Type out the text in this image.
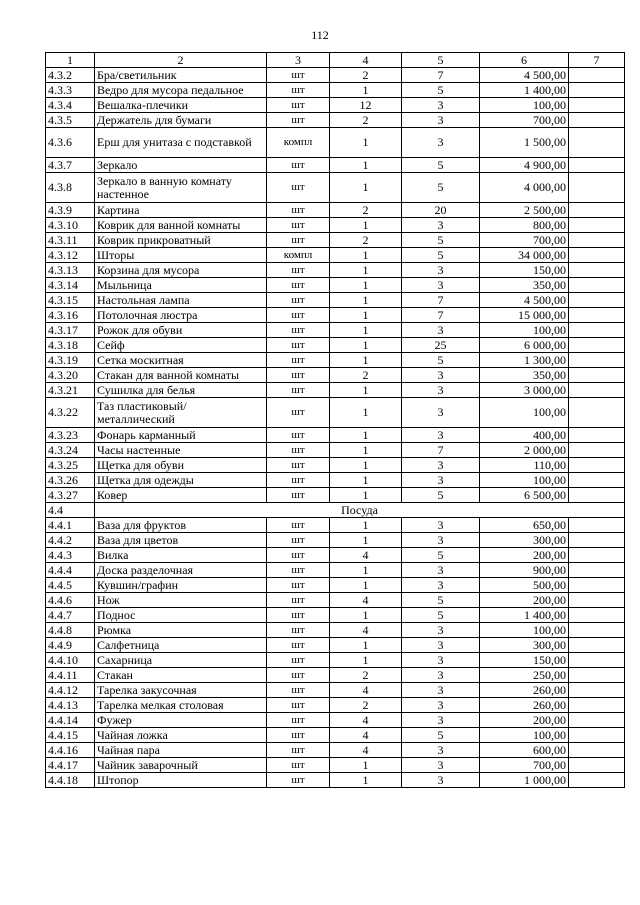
112
1	2	3	4	5	6	7
4.3.2	Бра/светильник	шт	2	7	4 500,00	
4.3.3	Ведро для мусора педальное	шт	1	5	1 400,00	
4.3.4	Вешалка-плечики	шт	12	3	100,00	
4.3.5	Держатель для бумаги	шт	2	3	700,00	
4.3.6	Ерш для унитаза с подставкой	компл	1	3	1 500,00	
4.3.7	Зеркало	шт	1	5	4 900,00	
4.3.8	Зеркало в ванную комнату настенное	шт	1	5	4 000,00	
4.3.9	Картина	шт	2	20	2 500,00	
4.3.10	Коврик для ванной комнаты	шт	1	3	800,00	
4.3.11	Коврик прикроватный	шт	2	5	700,00	
4.3.12	Шторы	компл	1	5	34 000,00	
4.3.13	Корзина для мусора	шт	1	3	150,00	
4.3.14	Мыльница	шт	1	3	350,00	
4.3.15	Настольная лампа	шт	1	7	4 500,00	
4.3.16	Потолочная люстра	шт	1	7	15 000,00	
4.3.17	Рожок для обуви	шт	1	3	100,00	
4.3.18	Сейф	шт	1	25	6 000,00	
4.3.19	Сетка москитная	шт	1	5	1 300,00	
4.3.20	Стакан для ванной комнаты	шт	2	3	350,00	
4.3.21	Сушилка для белья	шт	1	3	3 000,00	
4.3.22	Таз пластиковый/ металлический	шт	1	3	100,00	
4.3.23	Фонарь карманный	шт	1	3	400,00	
4.3.24	Часы настенные	шт	1	7	2 000,00	
4.3.25	Щетка для обуви	шт	1	3	110,00	
4.3.26	Щетка для одежды	шт	1	3	100,00	
4.3.27	Ковер	шт	1	5	6 500,00	
4.4	Посуда					
4.4.1	Ваза для фруктов	шт	1	3	650,00	
4.4.2	Ваза для цветов	шт	1	3	300,00	
4.4.3	Вилка	шт	4	5	200,00	
4.4.4	Доска разделочная	шт	1	3	900,00	
4.4.5	Кувшин/графин	шт	1	3	500,00	
4.4.6	Нож	шт	4	5	200,00	
4.4.7	Поднос	шт	1	5	1 400,00	
4.4.8	Рюмка	шт	4	3	100,00	
4.4.9	Салфетница	шт	1	3	300,00	
4.4.10	Сахарница	шт	1	3	150,00	
4.4.11	Стакан	шт	2	3	250,00	
4.4.12	Тарелка закусочная	шт	4	3	260,00	
4.4.13	Тарелка мелкая столовая	шт	2	3	260,00	
4.4.14	Фужер	шт	4	3	200,00	
4.4.15	Чайная ложка	шт	4	5	100,00	
4.4.16	Чайная пара	шт	4	3	600,00	
4.4.17	Чайник заварочный	шт	1	3	700,00	
4.4.18	Штопор	шт	1	3	1 000,00	
